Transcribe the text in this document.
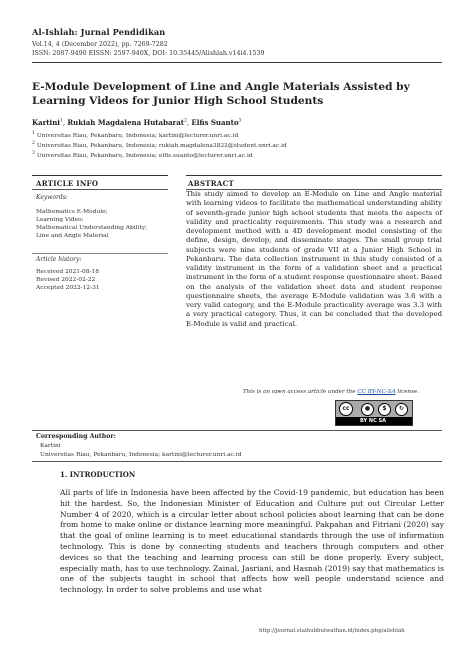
Al-Ishlah: Jurnal Pendidikan
Vol.14, 4 (December 2022), pp. 7269-7282
ISSN: 2087-9490 EISSN: 2597-940X, DOI: 10.35445/Alishlah.v14i4.1539
E-Module Development of Line and Angle Materials Assisted by Learning Videos for Junior High School Students
Kartini$^1$, Rukiah Magdalena Hutabarat$^2$, Elfis Suanto$^3$
$^1$ Universitas Riau, Pekanbaru, Indonesia; kartini@lecturer.unri.ac.id
$^2$ Universitas Riau, Pekanbaru, Indonesia; rukiah.magdalena3822@student.unri.ac.id
$^3$ Universitas Riau, Pekanbaru, Indonesia; elfis.suanto@lecturer.unri.ac.id
ARTICLE INFO
Keywords:
Mathematics E-Module;
Learning Video;
Mathematical Understanding Ability;
Line and Angle Material
Article history:
Received 2021-08-18
Revised 2022-02-22
Accepted 2022-12-31
ABSTRACT
This study aimed to develop an E-Module on Line and Angle material with learning videos to facilitate the mathematical understanding ability of seventh-grade junior high school students that meets the aspects of validity and practicality requirements. This study was a research and development method with a 4D development model consisting of the define, design, develop, and disseminate stages. The small group trial subjects were nine students of grade VII at a Junior High School in Pekanbaru. The data collection instrument in this study consisted of a validity instrument in the form of a validation sheet and a practical instrument in the form of a student response questionnaire sheet. Based on the analysis of the validation sheet data and student response questionnaire sheets, the average E-Module validation was 3.6 with a very valid category, and the E-Module practicality average was 3.3 with a very practical category. Thus, it can be concluded that the developed E-Module is valid and practical.
This is an open access article under the CC BY-NC-SA license.
cc	●	$	↻
BY NC SA
Corresponding Author:
Kartini
Universitas Riau, Pekanbaru, Indonesia; kartini@lecturer.unri.ac.id
1. INTRODUCTION
All parts of life in Indonesia have been affected by the Covid-19 pandemic, but education has been hit the hardest. So, the Indonesian Minister of Education and Culture put out Circular Letter Number 4 of 2020, which is a circular letter about school policies about learning that can be done from home to make online or distance learning more meaningful. Pakpahan and Fitriani (2020) say that the goal of online learning is to meet educational standards through the use of information technology. This is done by connecting students and teachers through computers and other devices so that the teaching and learning process can still be done properly. Every subject, especially math, has to use technology. Zainal, Jasriani, and Hasnah (2019) say that mathematics is one of the subjects taught in school that affects how well people understand science and technology. In order to solve problems and use what
http://journal.staihubbulwathan.id/index.php/alishlah
